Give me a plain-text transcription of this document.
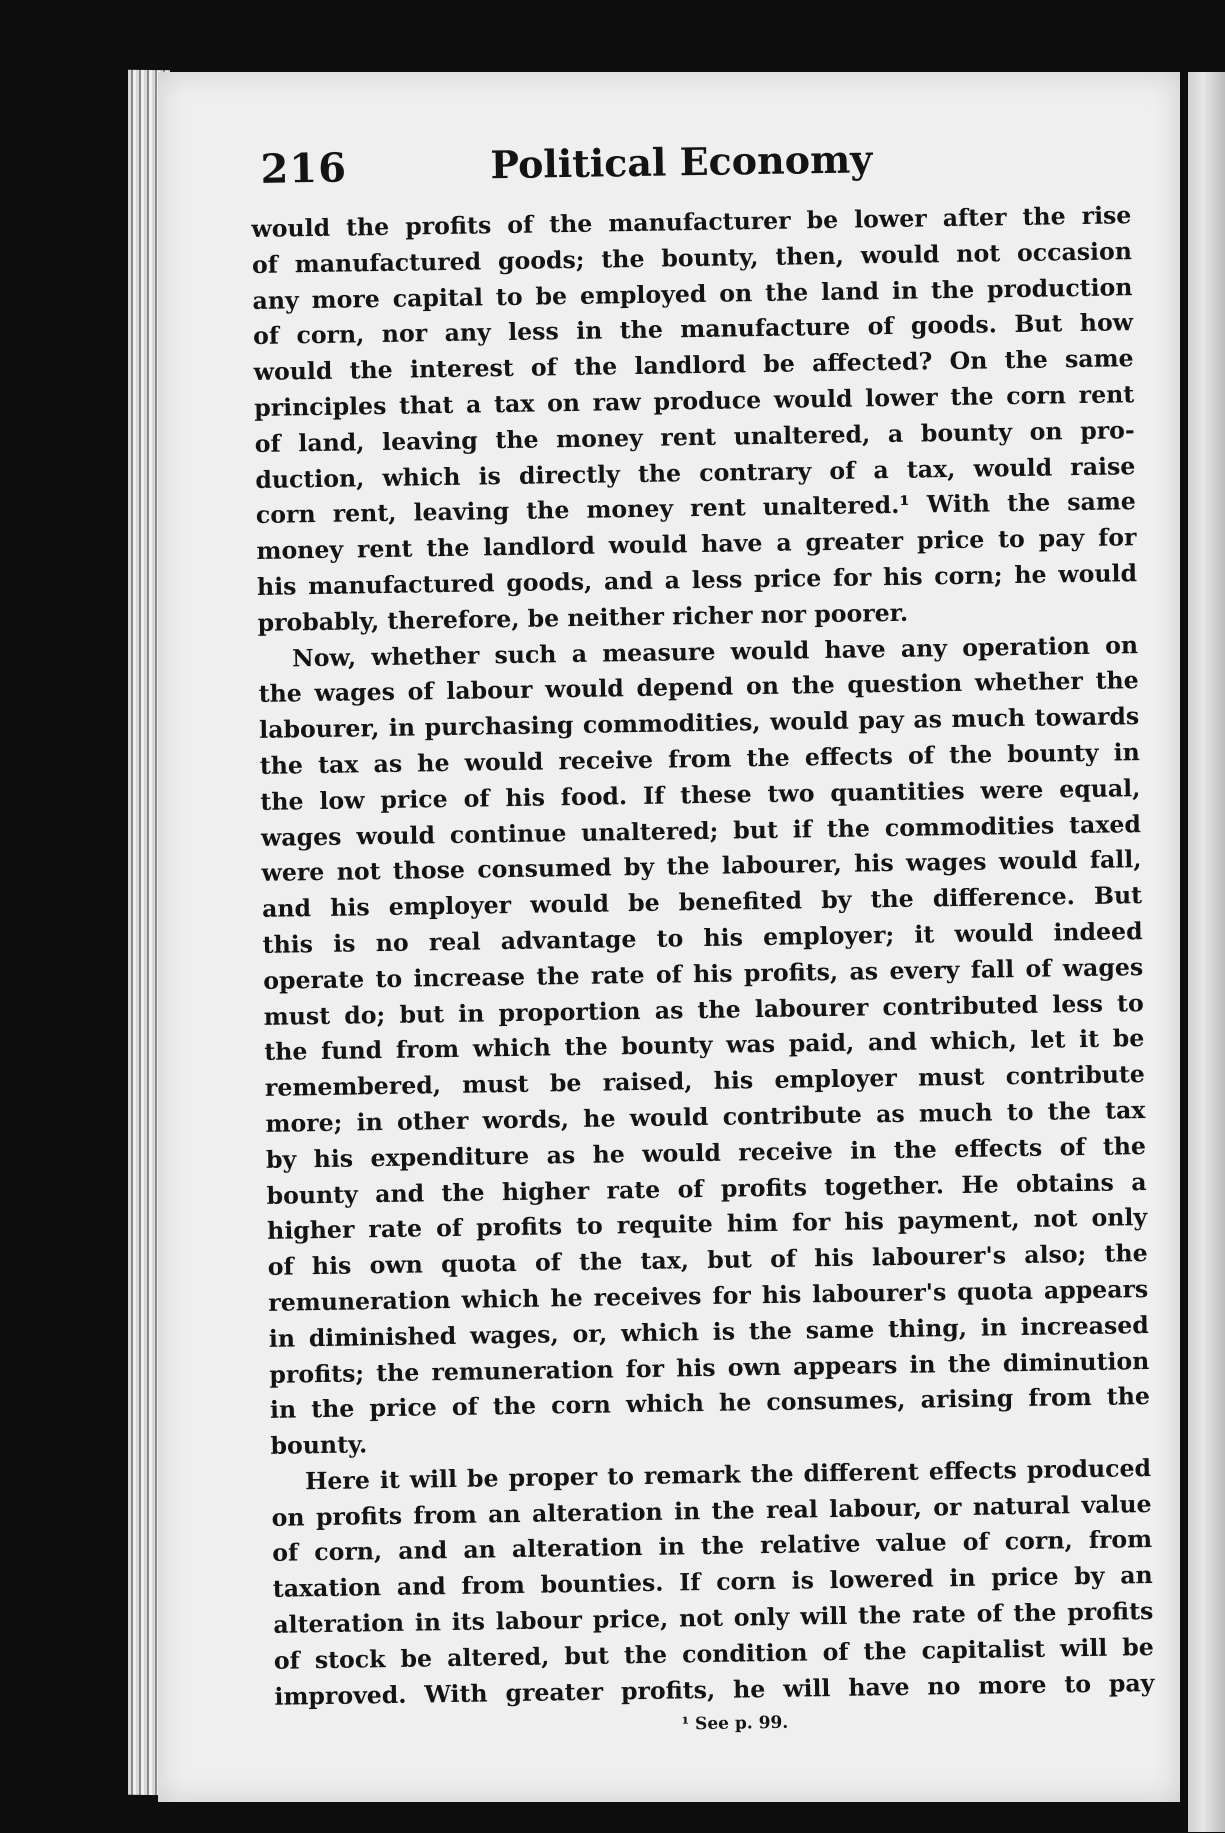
216	Political Economy
would the profits of the manufacturer be lower after the rise
of manufactured goods; the bounty, then, would not occasion
any more capital to be employed on the land in the production
of corn, nor any less in the manufacture of goods. But how
would the interest of the landlord be affected? On the same
principles that a tax on raw produce would lower the corn rent
of land, leaving the money rent unaltered, a bounty on pro-
duction, which is directly the contrary of a tax, would raise
corn rent, leaving the money rent unaltered.¹ With the same
money rent the landlord would have a greater price to pay for
his manufactured goods, and a less price for his corn; he would
probably, therefore, be neither richer nor poorer.
Now, whether such a measure would have any operation on
the wages of labour would depend on the question whether the
labourer, in purchasing commodities, would pay as much towards
the tax as he would receive from the effects of the bounty in
the low price of his food. If these two quantities were equal,
wages would continue unaltered; but if the commodities taxed
were not those consumed by the labourer, his wages would fall,
and his employer would be benefited by the difference. But
this is no real advantage to his employer; it would indeed
operate to increase the rate of his profits, as every fall of wages
must do; but in proportion as the labourer contributed less to
the fund from which the bounty was paid, and which, let it be
remembered, must be raised, his employer must contribute
more; in other words, he would contribute as much to the tax
by his expenditure as he would receive in the effects of the
bounty and the higher rate of profits together. He obtains a
higher rate of profits to requite him for his payment, not only
of his own quota of the tax, but of his labourer's also; the
remuneration which he receives for his labourer's quota appears
in diminished wages, or, which is the same thing, in increased
profits; the remuneration for his own appears in the diminution
in the price of the corn which he consumes, arising from the
bounty.
Here it will be proper to remark the different effects produced
on profits from an alteration in the real labour, or natural value
of corn, and an alteration in the relative value of corn, from
taxation and from bounties. If corn is lowered in price by an
alteration in its labour price, not only will the rate of the profits
of stock be altered, but the condition of the capitalist will be
improved. With greater profits, he will have no more to pay
¹ See p. 99.
